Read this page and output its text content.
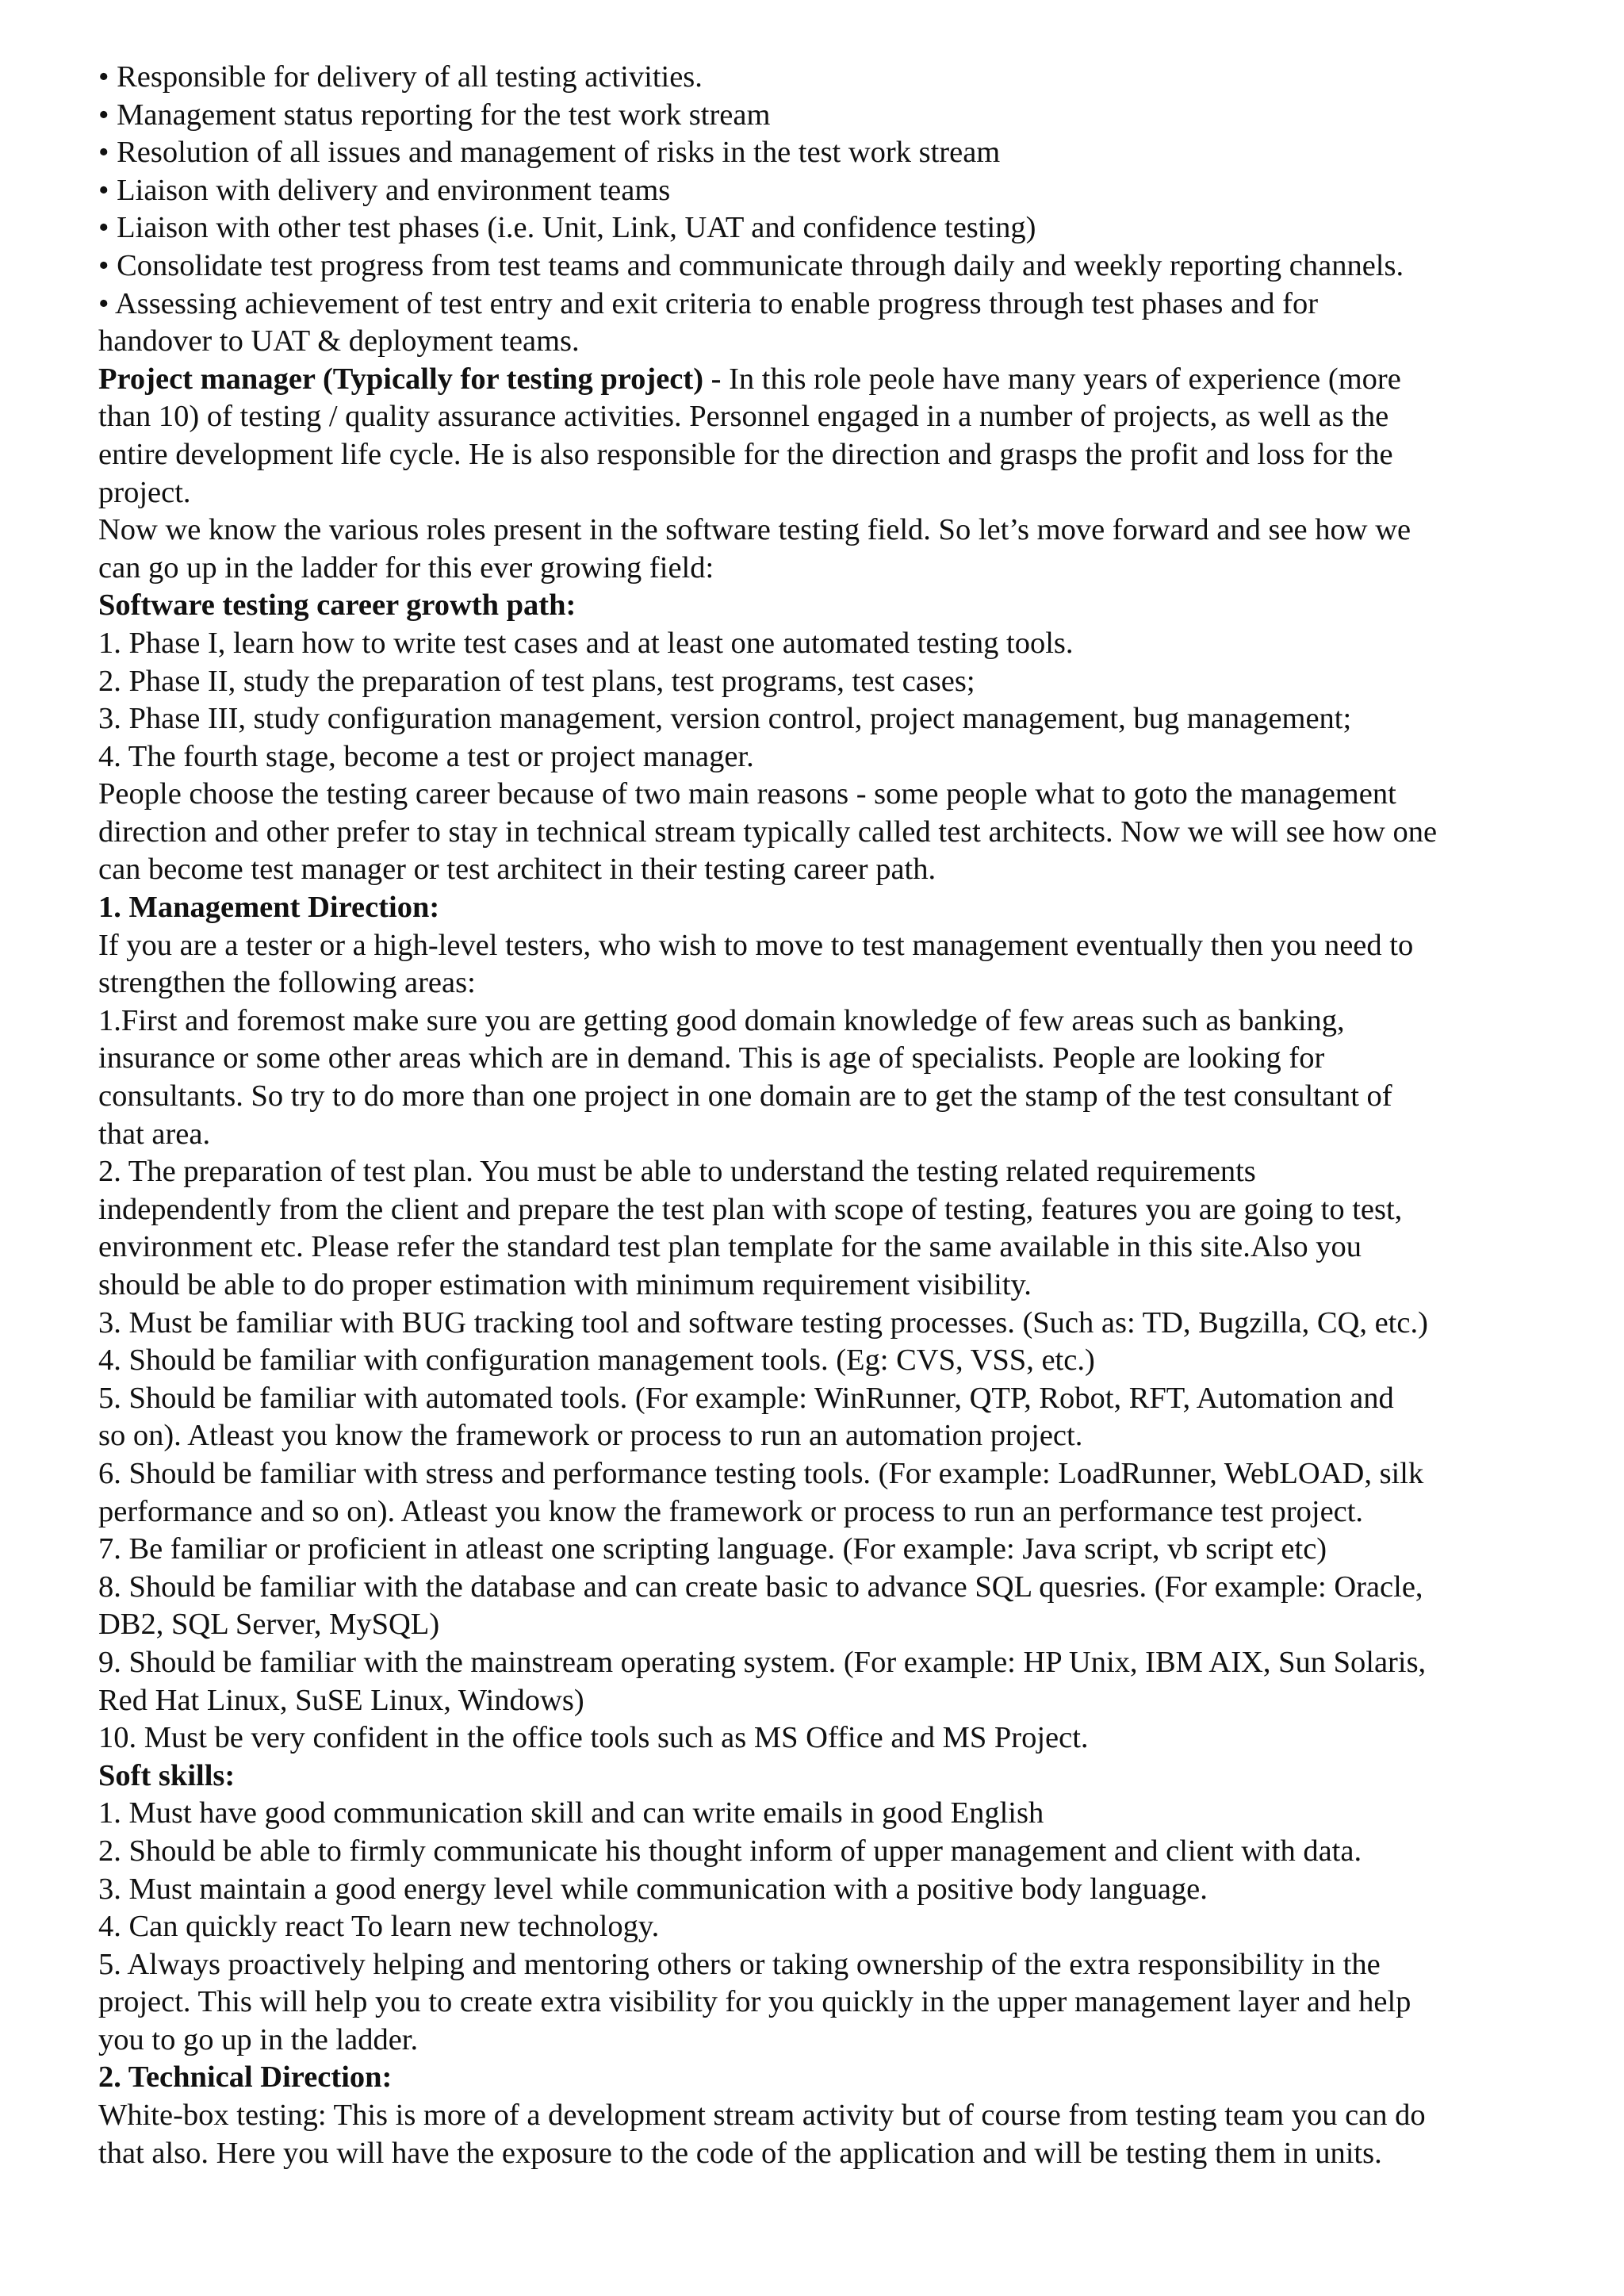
• Responsible for delivery of all testing activities.
• Management status reporting for the test work stream
• Resolution of all issues and management of risks in the test work stream
• Liaison with delivery and environment teams
• Liaison with other test phases (i.e. Unit, Link, UAT and confidence testing)
• Consolidate test progress from test teams and communicate through daily and weekly reporting channels.
• Assessing achievement of test entry and exit criteria to enable progress through test phases and for
handover to UAT & deployment teams.
Project manager (Typically for testing project) - In this role peole have many years of experience (more
than 10) of testing / quality assurance activities. Personnel engaged in a number of projects, as well as the
entire development life cycle. He is also responsible for the direction and grasps the profit and loss for the
project.
Now we know the various roles present in the software testing field. So let’s move forward and see how we
can go up in the ladder for this ever growing field:
Software testing career growth path:
1. Phase I, learn how to write test cases and at least one automated testing tools.
2. Phase II, study the preparation of test plans, test programs, test cases;
3. Phase III, study configuration management, version control, project management, bug management;
4. The fourth stage, become a test or project manager.
People choose the testing career because of two main reasons - some people what to goto the management
direction and other prefer to stay in technical stream typically called test architects. Now we will see how one
can become test manager or test architect in their testing career path.
1. Management Direction:
If you are a tester or a high-level testers, who wish to move to test management eventually then you need to
strengthen the following areas:
1.First and foremost make sure you are getting good domain knowledge of few areas such as banking,
insurance or some other areas which are in demand. This is age of specialists. People are looking for
consultants. So try to do more than one project in one domain are to get the stamp of the test consultant of
that area.
2. The preparation of test plan. You must be able to understand the testing related requirements
independently from the client and prepare the test plan with scope of testing, features you are going to test,
environment etc. Please refer the standard test plan template for the same available in this site.Also you
should be able to do proper estimation with minimum requirement visibility.
3. Must be familiar with BUG tracking tool and software testing processes. (Such as: TD, Bugzilla, CQ, etc.)
4. Should be familiar with configuration management tools. (Eg: CVS, VSS, etc.)
5. Should be familiar with automated tools. (For example: WinRunner, QTP, Robot, RFT, Automation and
so on). Atleast you know the framework or process to run an automation project.
6. Should be familiar with stress and performance testing tools. (For example: LoadRunner, WebLOAD, silk
performance and so on). Atleast you know the framework or process to run an performance test project.
7. Be familiar or proficient in atleast one scripting language. (For example: Java script, vb script etc)
8. Should be familiar with the database and can create basic to advance SQL quesries. (For example: Oracle,
DB2, SQL Server, MySQL)
9. Should be familiar with the mainstream operating system. (For example: HP Unix, IBM AIX, Sun Solaris,
Red Hat Linux, SuSE Linux, Windows)
10. Must be very confident in the office tools such as MS Office and MS Project.
Soft skills:
1. Must have good communication skill and can write emails in good English
2. Should be able to firmly communicate his thought inform of upper management and client with data.
3. Must maintain a good energy level while communication with a positive body language.
4. Can quickly react To learn new technology.
5. Always proactively helping and mentoring others or taking ownership of the extra responsibility in the
project. This will help you to create extra visibility for you quickly in the upper management layer and help
you to go up in the ladder.
2. Technical Direction:
White-box testing: This is more of a development stream activity but of course from testing team you can do
that also. Here you will have the exposure to the code of the application and will be testing them in units.
